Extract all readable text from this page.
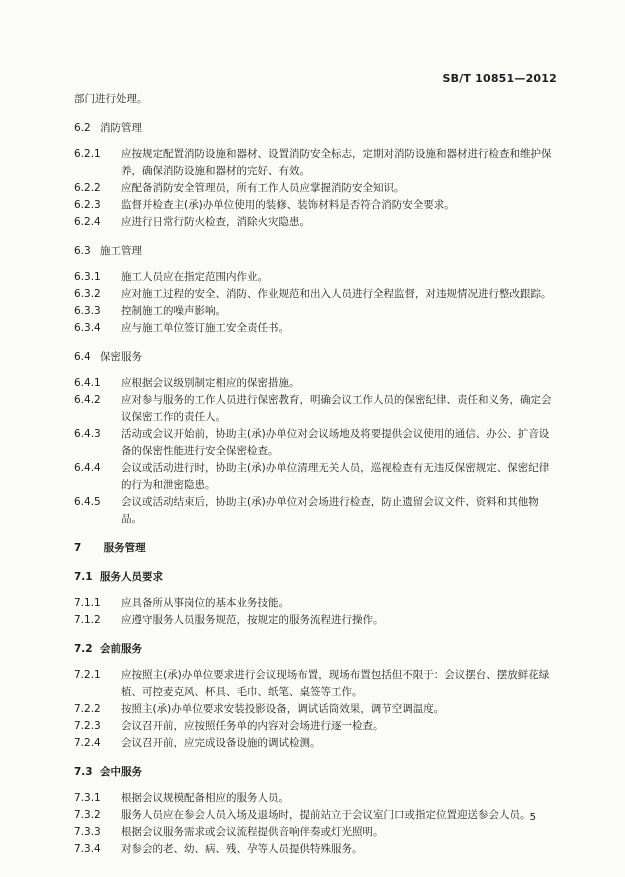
SB/T 10851—2012

部门进行处理。

6.2 消防管理

6.2.1 应按规定配置消防设施和器材、设置消防安全标志，定期对消防设施和器材进行检查和维护保养，确保消防设施和器材的完好、有效。

6.2.2 应配备消防安全管理员，所有工作人员应掌握消防安全知识。

6.2.3 监督并检查主(承)办单位使用的装修、装饰材料是否符合消防安全要求。

6.2.4 应进行日常行防火检查，消除火灾隐患。

6.3 施工管理

6.3.1 施工人员应在指定范围内作业。

6.3.2 应对施工过程的安全、消防、作业规范和出入人员进行全程监督，对违规情况进行整改跟踪。

6.3.3 控制施工的噪声影响。

6.3.4 应与施工单位签订施工安全责任书。

6.4 保密服务

6.4.1 应根据会议级别制定相应的保密措施。

6.4.2 应对参与服务的工作人员进行保密教育，明确会议工作人员的保密纪律、责任和义务，确定会议保密工作的责任人。

6.4.3 活动或会议开始前，协助主(承)办单位对会议场地及将要提供会议使用的通信、办公、扩音设备的保密性能进行安全保密检查。

6.4.4 会议或活动进行时，协助主(承)办单位清理无关人员，巡视检查有无违反保密规定、保密纪律的行为和泄密隐患。

6.4.5 会议或活动结束后，协助主(承)办单位对会场进行检查，防止遗留会议文件、资料和其他物品。

7 服务管理

7.1 服务人员要求

7.1.1 应具备所从事岗位的基本业务技能。

7.1.2 应遵守服务人员服务规范，按规定的服务流程进行操作。

7.2 会前服务

7.2.1 应按照主(承)办单位要求进行会议现场布置，现场布置包括但不限于：会议摆台、摆放鲜花绿植、可控麦克风、杯具、毛巾、纸笔、桌签等工作。

7.2.2 按照主(承)办单位要求安装投影设备，调试话筒效果，调节空调温度。

7.2.3 会议召开前，应按照任务单的内容对会场进行逐一检查。

7.2.4 会议召开前，应完成设备设施的调试检测。

7.3 会中服务

7.3.1 根据会议规模配备相应的服务人员。

7.3.2 服务人员应在参会人员入场及退场时，提前站立于会议室门口或指定位置迎送参会人员。

7.3.3 根据会议服务需求或会议流程提供音响伴奏或灯光照明。

7.3.4 对参会的老、幼、病、残、孕等人员提供特殊服务。

5
